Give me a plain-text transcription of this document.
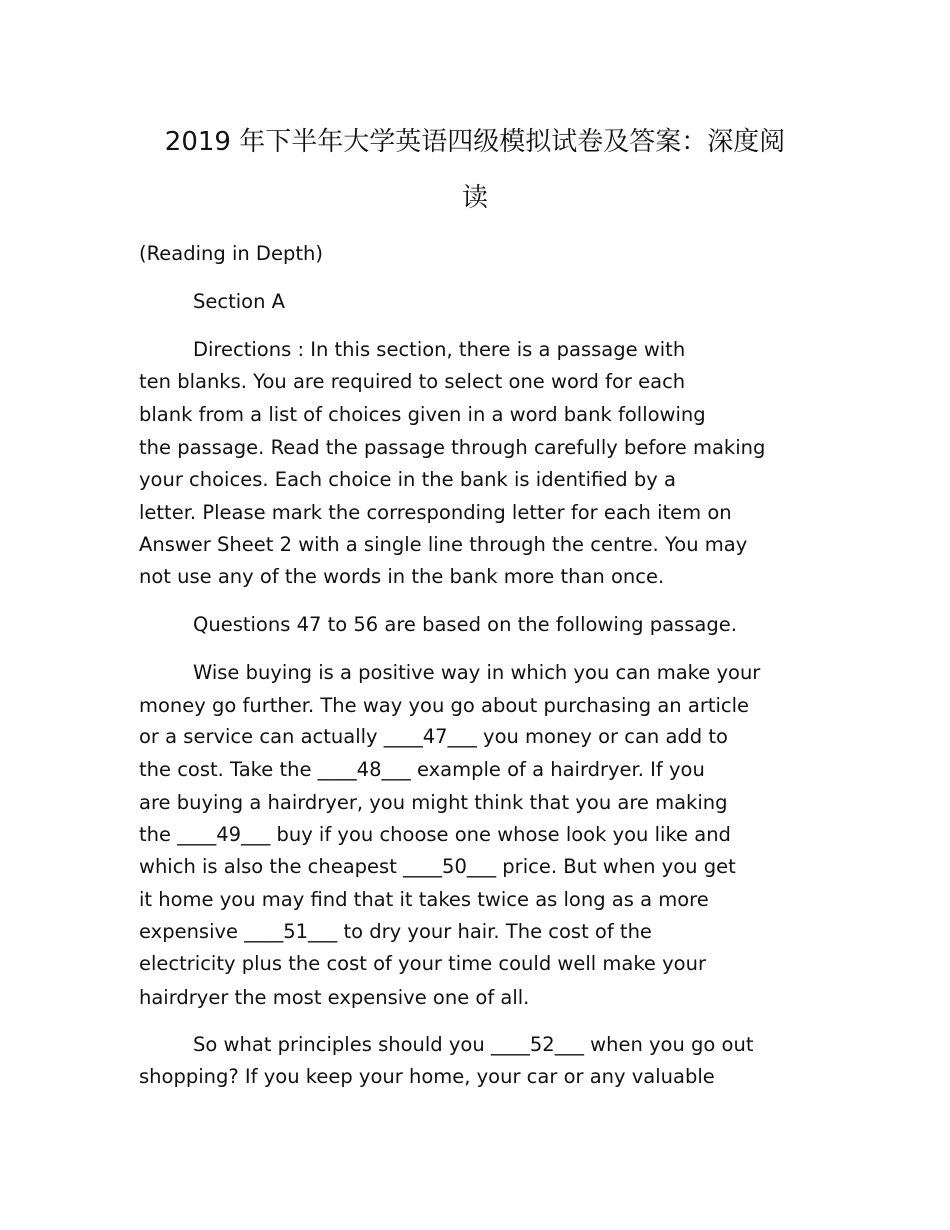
2019 年下半年大学英语四级模拟试卷及答案：深度阅
读
(Reading in Depth)
Section A
Directions : In this section, there is a passage with
ten blanks. You are required to select one word for each
blank from a list of choices given in a word bank following
the passage. Read the passage through carefully before making
your choices. Each choice in the bank is identified by a
letter. Please mark the corresponding letter for each item on
Answer Sheet 2 with a single line through the centre. You may
not use any of the words in the bank more than once.
Questions 47 to 56 are based on the following passage.
Wise buying is a positive way in which you can make your
money go further. The way you go about purchasing an article
or a service can actually ____47___ you money or can add to
the cost. Take the ____48___ example of a hairdryer. If you
are buying a hairdryer, you might think that you are making
the ____49___ buy if you choose one whose look you like and
which is also the cheapest ____50___ price. But when you get
it home you may find that it takes twice as long as a more
expensive ____51___ to dry your hair. The cost of the
electricity plus the cost of your time could well make your
hairdryer the most expensive one of all.
So what principles should you ____52___ when you go out
shopping? If you keep your home, your car or any valuable
